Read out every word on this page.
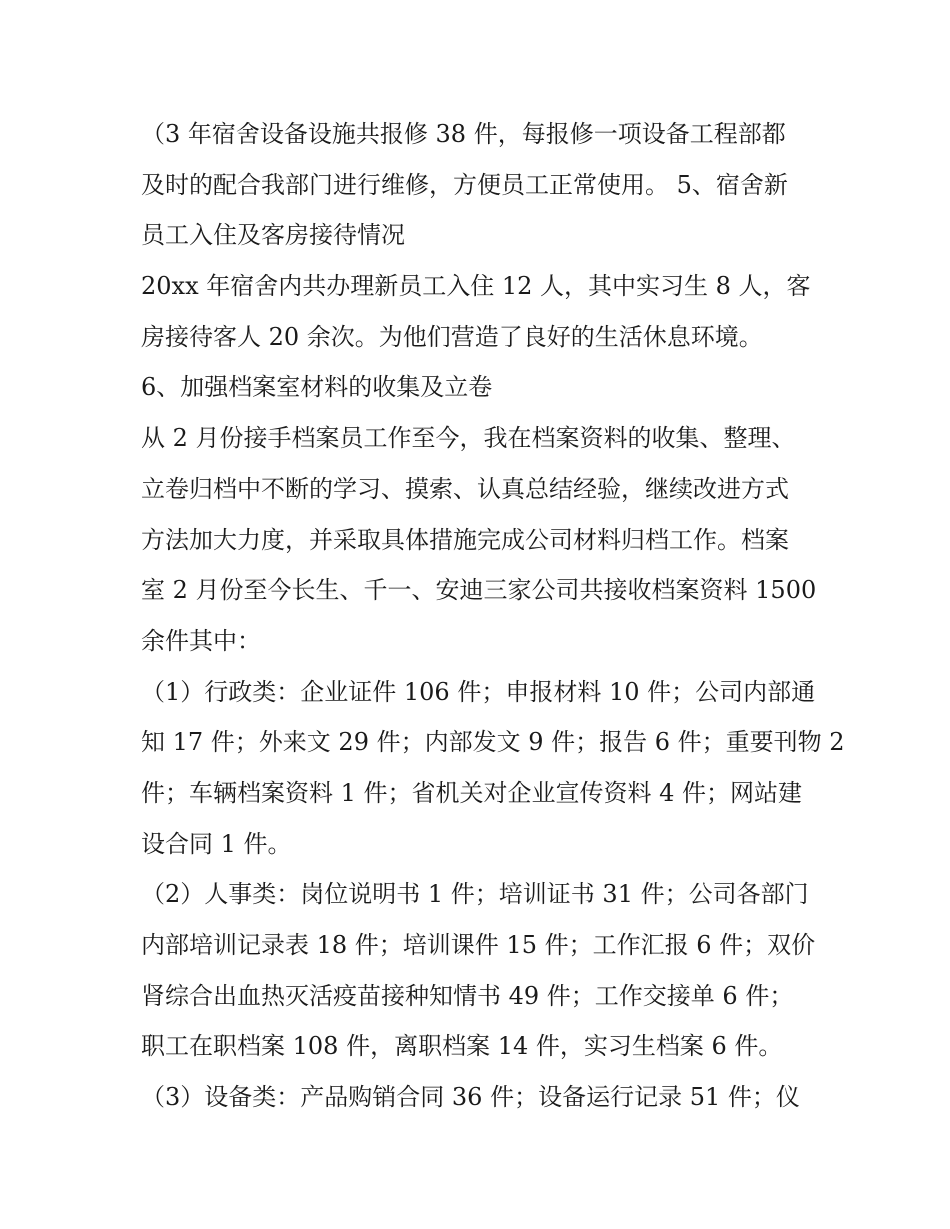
（3 年宿舍设备设施共报修 38 件，每报修一项设备工程部都
及时的配合我部门进行维修，方便员工正常使用。 5、宿舍新
员工入住及客房接待情况
20xx 年宿舍内共办理新员工入住 12 人，其中实习生 8 人，客
房接待客人 20 余次。为他们营造了良好的生活休息环境。
6、加强档案室材料的收集及立卷
从 2 月份接手档案员工作至今，我在档案资料的收集、整理、
立卷归档中不断的学习、摸索、认真总结经验，继续改进方式
方法加大力度，并采取具体措施完成公司材料归档工作。档案
室 2 月份至今长生、千一、安迪三家公司共接收档案资料 1500
余件其中：
（1）行政类：企业证件 106 件；申报材料 10 件；公司内部通
知 17 件；外来文 29 件；内部发文 9 件；报告 6 件；重要刊物 2
件；车辆档案资料 1 件；省机关对企业宣传资料 4 件；网站建
设合同 1 件。
（2）人事类：岗位说明书 1 件；培训证书 31 件；公司各部门
内部培训记录表 18 件；培训课件 15 件；工作汇报 6 件；双价
肾综合出血热灭活疫苗接种知情书 49 件；工作交接单 6 件；
职工在职档案 108 件，离职档案 14 件，实习生档案 6 件。
（3）设备类：产品购销合同 36 件；设备运行记录 51 件；仪
